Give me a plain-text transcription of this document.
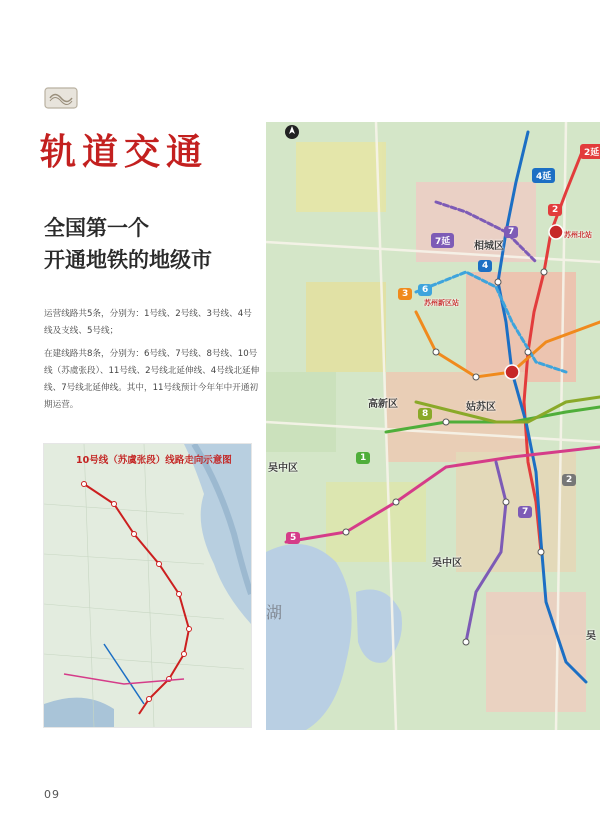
轨道交通
全国第一个
开通地铁的地级市
运营线路共5条，分别为：1号线、2号线、3号线、4号线及支线、5号线；
在建线路共8条，分别为：6号线、7号线、8号线、10号线（苏虞张段）、11号线、2号线北延伸线、4号线北延伸线、7号线北延伸线。其中，11号线预计今年年中开通初期运营。
10号线（苏虞张段）线路走向示意图
相城区
高新区	姑苏区
吴中区
吴中区
吴
湖
2
2延
4延
7延
4
7
3	6
8
1
5
2
7
苏州北站
苏州新区站
09
